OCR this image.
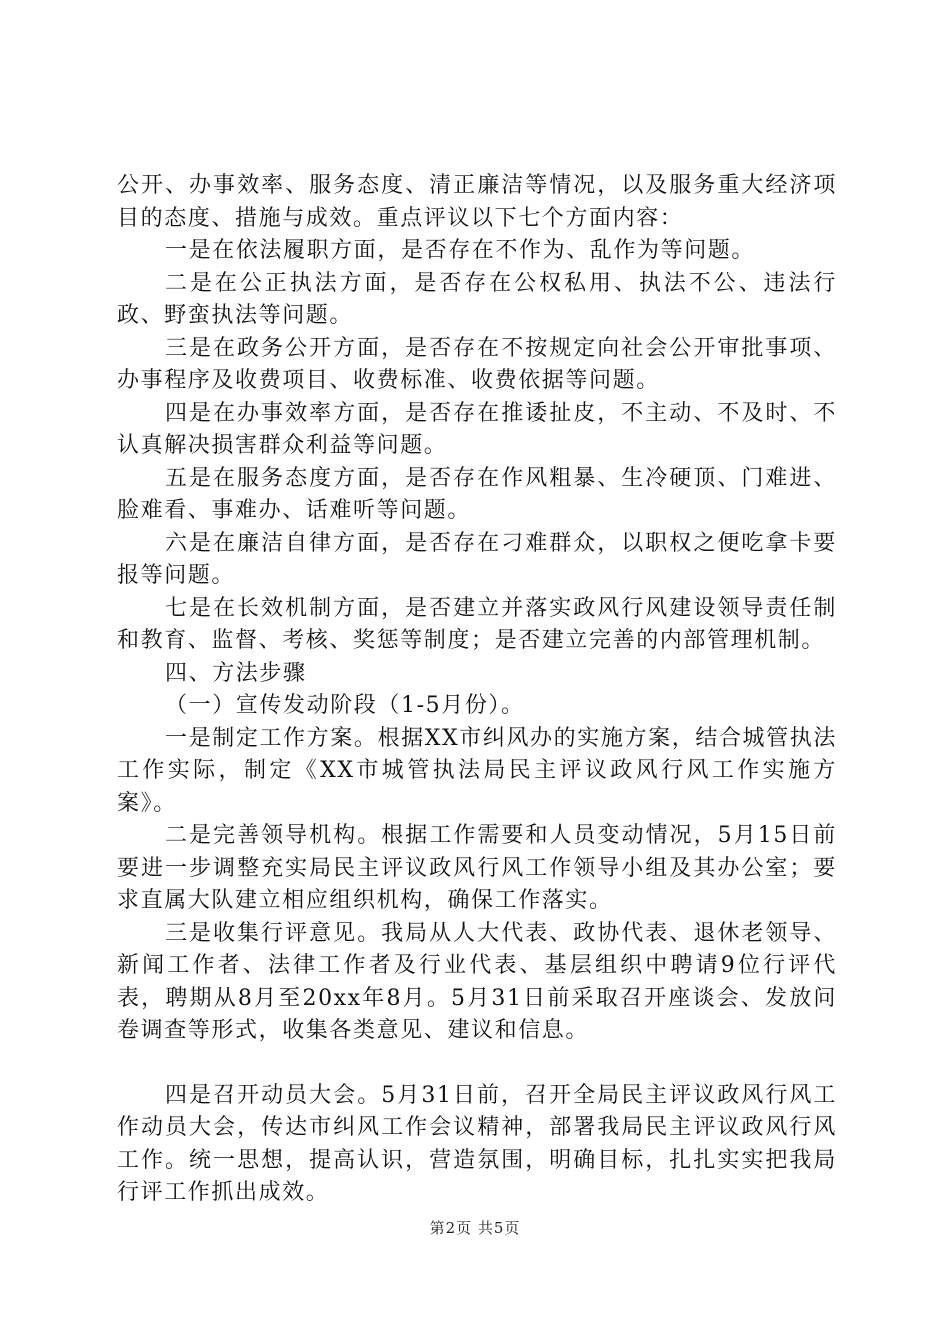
公开、办事效率、服务态度、清正廉洁等情况，以及服务重大经济项目的态度、措施与成效。重点评议以下七个方面内容：

一是在依法履职方面，是否存在不作为、乱作为等问题。

二是在公正执法方面，是否存在公权私用、执法不公、违法行政、野蛮执法等问题。

三是在政务公开方面，是否存在不按规定向社会公开审批事项、办事程序及收费项目、收费标准、收费依据等问题。

四是在办事效率方面，是否存在推诿扯皮，不主动、不及时、不认真解决损害群众利益等问题。

五是在服务态度方面，是否存在作风粗暴、生冷硬顶、门难进、脸难看、事难办、话难听等问题。

六是在廉洁自律方面，是否存在刁难群众，以职权之便吃拿卡要报等问题。

七是在长效机制方面，是否建立并落实政风行风建设领导责任制和教育、监督、考核、奖惩等制度；是否建立完善的内部管理机制。

四、方法步骤

（一）宣传发动阶段（1-5月份）。

一是制定工作方案。根据XX市纠风办的实施方案，结合城管执法工作实际，制定《XX市城管执法局民主评议政风行风工作实施方案》。

二是完善领导机构。根据工作需要和人员变动情况，5月15日前要进一步调整充实局民主评议政风行风工作领导小组及其办公室；要求直属大队建立相应组织机构，确保工作落实。

三是收集行评意见。我局从人大代表、政协代表、退休老领导、新闻工作者、法律工作者及行业代表、基层组织中聘请9位行评代表，聘期从8月至20xx年8月。5月31日前采取召开座谈会、发放问卷调查等形式，收集各类意见、建议和信息。

四是召开动员大会。5月31日前，召开全局民主评议政风行风工作动员大会，传达市纠风工作会议精神，部署我局民主评议政风行风工作。统一思想，提高认识，营造氛围，明确目标，扎扎实实把我局行评工作抓出成效。

第2页 共5页
